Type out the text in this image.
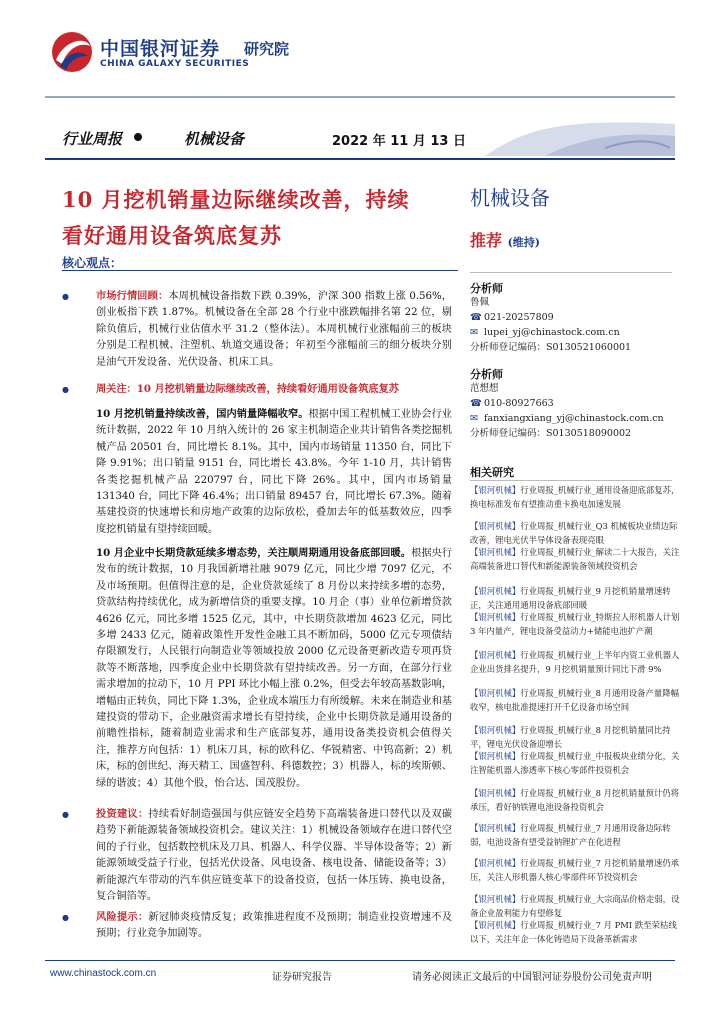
中国银河证券 研究院
CHINA GALAXY SECURITIES
行业周报	机械设备	2022 年 11 月 13 日
10 月挖机销量边际继续改善，持续
看好通用设备筑底复苏
机械设备
推荐 (维持)
核心观点：
分析师
鲁佩
☎ 021-20257809
✉ lupei_yj@chinastock.com.cn
分析师登记编码：S0130521060001
分析师
范想想
☎ 010-80927663
✉ fanxiangxiang_yj@chinastock.com.cn
分析师登记编码：S0130518090002
相关研究
【银河机械】行业周报_机械行业_通用设备迎底部复苏，换电标准发布有望推动重卡换电加速发展
【银河机械】行业周报_机械行业_Q3 机械板块业绩边际改善，锂电光伏半导体设备表现亮眼
【银河机械】行业周报_机械行业_解读二十大报告，关注高端装备进口替代和新能源装备领域投资机会
【银河机械】行业周报_机械行业_9 月挖机销量增速转正，关注通用通用设备底部回暖
【银河机械】行业周报_机械行业_特斯拉人形机器人计划 3 年内量产，锂电设备受益动力+储能电池扩产潮
【银河机械】行业周报_机械行业_上半年内资工业机器人企业出货排名提升，9 月挖机销量预计同比下滑 9%
【银河机械】行业周报_机械行业_8 月通用设备产量降幅收窄，核电批准提速打开千亿设备市场空间
【银河机械】行业周报_机械行业_8 月挖机销量同比持平，锂电光伏设备迎增长
【银河机械】行业周报_机械行业_中报板块业绩分化，关注智能机器人渗透率下核心零部件投资机会
【银河机械】行业周报_机械行业_8 月挖机销量预计仍将承压，看好钠铁锂电池设备投资机会
【银河机械】行业周报_机械行业_7 月通用设备边际转弱，电池设备有望受益钠锂扩产在化进程
【银河机械】行业周报_机械行业_7 月挖机销量增速仍承压，关注人形机器人核心零部件环节投资机会
【银河机械】行业周报_机械行业_大宗商品价格走弱，设备企业盈利能力有望修复
【银河机械】行业周报_机械行业_7 月 PMI 跌至荣枯线以下，关注年企一体化铸造局下设备革新需求
●	市场行情回顾：本周机械设备指数下跌 0.39%，沪深 300 指数上涨 0.56%，创业板指下跌 1.87%。机械设备在全部 28 个行业中涨跌幅排名第 22 位，剔除负值后，机械行业估值水平 31.2（整体法）。本周机械行业涨幅前三的板块分别是工程机械、注塑机、轨道交通设备；年初至今涨幅前三的细分板块分别是油气开发设备、光伏设备、机床工具。
●	周关注：10 月挖机销量边际继续改善，持续看好通用设备筑底复苏
10 月挖机销量持续改善，国内销量降幅收窄。根据中国工程机械工业协会行业统计数据，2022 年 10 月纳入统计的 26 家主机制造企业共计销售各类挖掘机械产品 20501 台，同比增长 8.1%。其中，国内市场销量 11350 台，同比下降 9.91%；出口销量 9151 台，同比增长 43.8%。今年 1-10 月，共计销售各类挖掘机械产品 220797 台，同比下降 26%。其中，国内市场销量 131340 台，同比下降 46.4%；出口销量 89457 台，同比增长 67.3%。随着基建投资的快速增长和房地产政策的边际放松，叠加去年的低基数效应，四季度挖机销量有望持续回暖。
10 月企业中长期贷款延续多增态势，关注顺周期通用设备底部回暖。根据央行发布的统计数据，10 月我国新增社融 9079 亿元，同比少增 7097 亿元，不及市场预期。但值得注意的是，企业贷款延续了 8 月份以来持续多增的态势，贷款结构持续优化，成为新增信贷的重要支撑。10 月企（事）业单位新增贷款 4626 亿元，同比多增 1525 亿元，其中，中长期贷款增加 4623 亿元，同比多增 2433 亿元，随着政策性开发性金融工具不断加码，5000 亿元专项债结存限额发行，人民银行向制造业等领域投放 2000 亿元设备更新改造专项再贷款等不断落地，四季度企业中长期贷款有望持续改善。另一方面，在部分行业需求增加的拉动下，10 月 PPI 环比小幅上涨 0.2%，但受去年较高基数影响，增幅由正转负，同比下降 1.3%，企业成本端压力有所缓解。未来在制造业和基建投资的带动下，企业融资需求增长有望持续，企业中长期贷款是通用设备的前瞻性指标，随着制造业需求和生产底部复苏，通用设备类投资机会值得关注，推荐方向包括：1）机床刀具，标的欧科亿、华锐精密、中钨高新；2）机床，标的创世纪、海天精工、国盛智科、科德数控；3）机器人，标的埃斯顿、绿的谐波；4）其他个股，怡合达、国茂股份。
●	投资建议：持续看好制造强国与供应链安全趋势下高端装备进口替代以及双碳趋势下新能源装备领域投资机会。建议关注：1）机械设备领域存在进口替代空间的子行业，包括数控机床及刀具、机器人、科学仪器、半导体设备等；2）新能源领域受益子行业，包括光伏设备、风电设备、核电设备、储能设备等；3）新能源汽车带动的汽车供应链变革下的设备投资，包括一体压铸、换电设备，复合铜箔等。
●	风险提示：新冠肺炎疫情反复；政策推进程度不及预期；制造业投资增速不及预期；行业竞争加剧等。
www.chinastock.com.cn	证券研究报告	请务必阅读正文最后的中国银河证券股份公司免责声明
